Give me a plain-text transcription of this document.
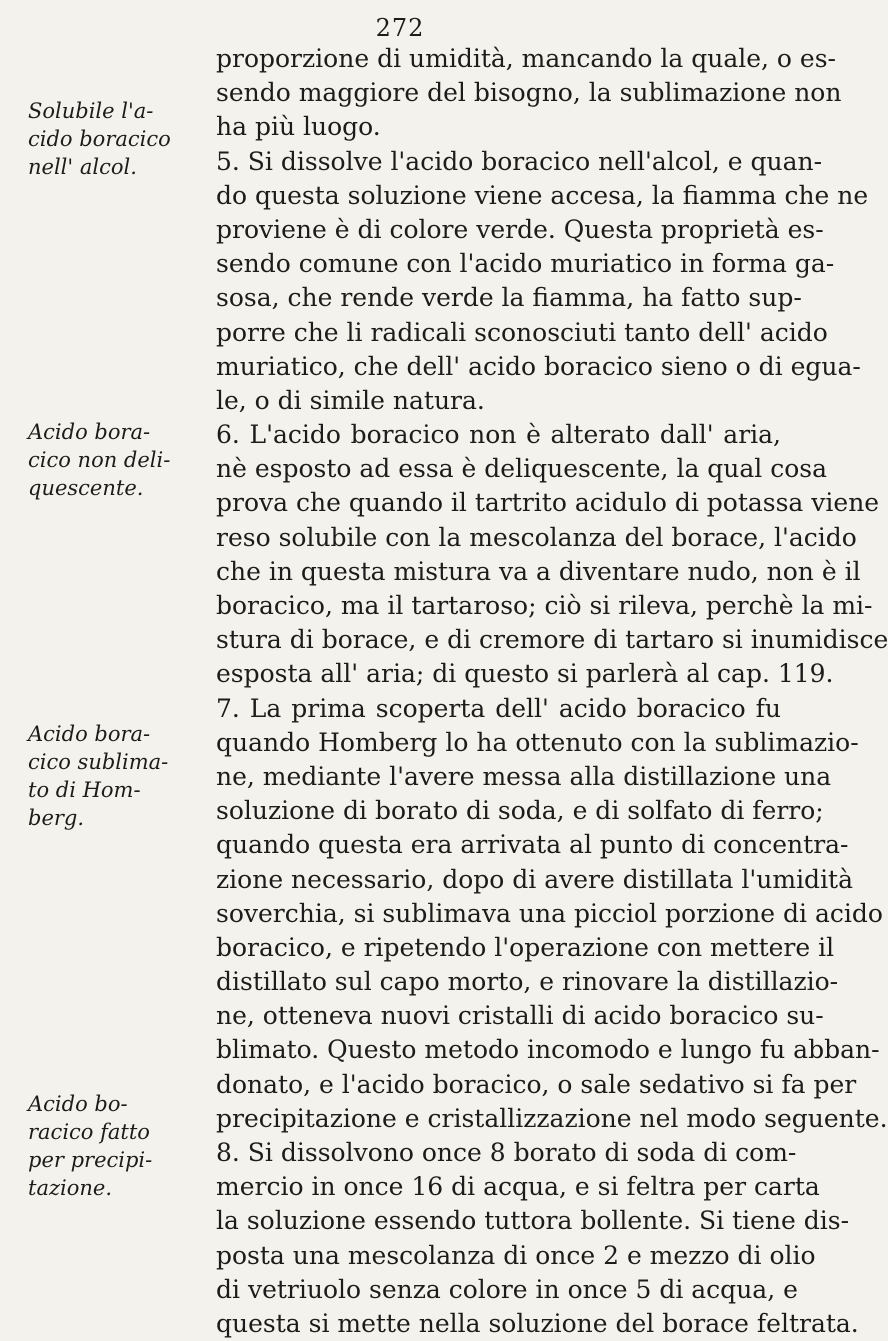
272
Solubile l'a-
cido boracico
nell' alcol.
Acido bora-
cico non deli-
quescente.
Acido bora-
cico sublima-
to di Hom-
berg.
Acido bo-
racico fatto
per precipi-
tazione.
proporzione di umidità, mancando la quale, o es-
sendo maggiore del bisogno, la sublimazione non
ha più luogo.
5. Si dissolve l'acido boracico nell'alcol, e quan-
do questa soluzione viene accesa, la fiamma che ne
proviene è di colore verde. Questa proprietà es-
sendo comune con l'acido muriatico in forma ga-
sosa, che rende verde la fiamma, ha fatto sup-
porre che li radicali sconosciuti tanto dell' acido
muriatico, che dell' acido boracico sieno o di egua-
le, o di simile natura.
6. L'acido boracico non è alterato dall' aria,
nè esposto ad essa è deliquescente, la qual cosa
prova che quando il tartrito acidulo di potassa viene
reso solubile con la mescolanza del borace, l'acido
che in questa mistura va a diventare nudo, non è il
boracico, ma il tartaroso; ciò si rileva, perchè la mi-
stura di borace, e di cremore di tartaro si inumidisce
esposta all' aria; di questo si parlerà al cap. 119.
7. La prima scoperta dell' acido boracico fu
quando Homberg lo ha ottenuto con la sublimazio-
ne, mediante l'avere messa alla distillazione una
soluzione di borato di soda, e di solfato di ferro;
quando questa era arrivata al punto di concentra-
zione necessario, dopo di avere distillata l'umidità
soverchia, si sublimava una picciol porzione di acido
boracico, e ripetendo l'operazione con mettere il
distillato sul capo morto, e rinovare la distillazio-
ne, otteneva nuovi cristalli di acido boracico su-
blimato. Questo metodo incomodo e lungo fu abban-
donato, e l'acido boracico, o sale sedativo si fa per
precipitazione e cristallizzazione nel modo seguente.
8. Si dissolvono once 8 borato di soda di com-
mercio in once 16 di acqua, e si feltra per carta
la soluzione essendo tuttora bollente. Si tiene dis-
posta una mescolanza di once 2 e mezzo di olio
di vetriuolo senza colore in once 5 di acqua, e
questa si mette nella soluzione del borace feltrata.
